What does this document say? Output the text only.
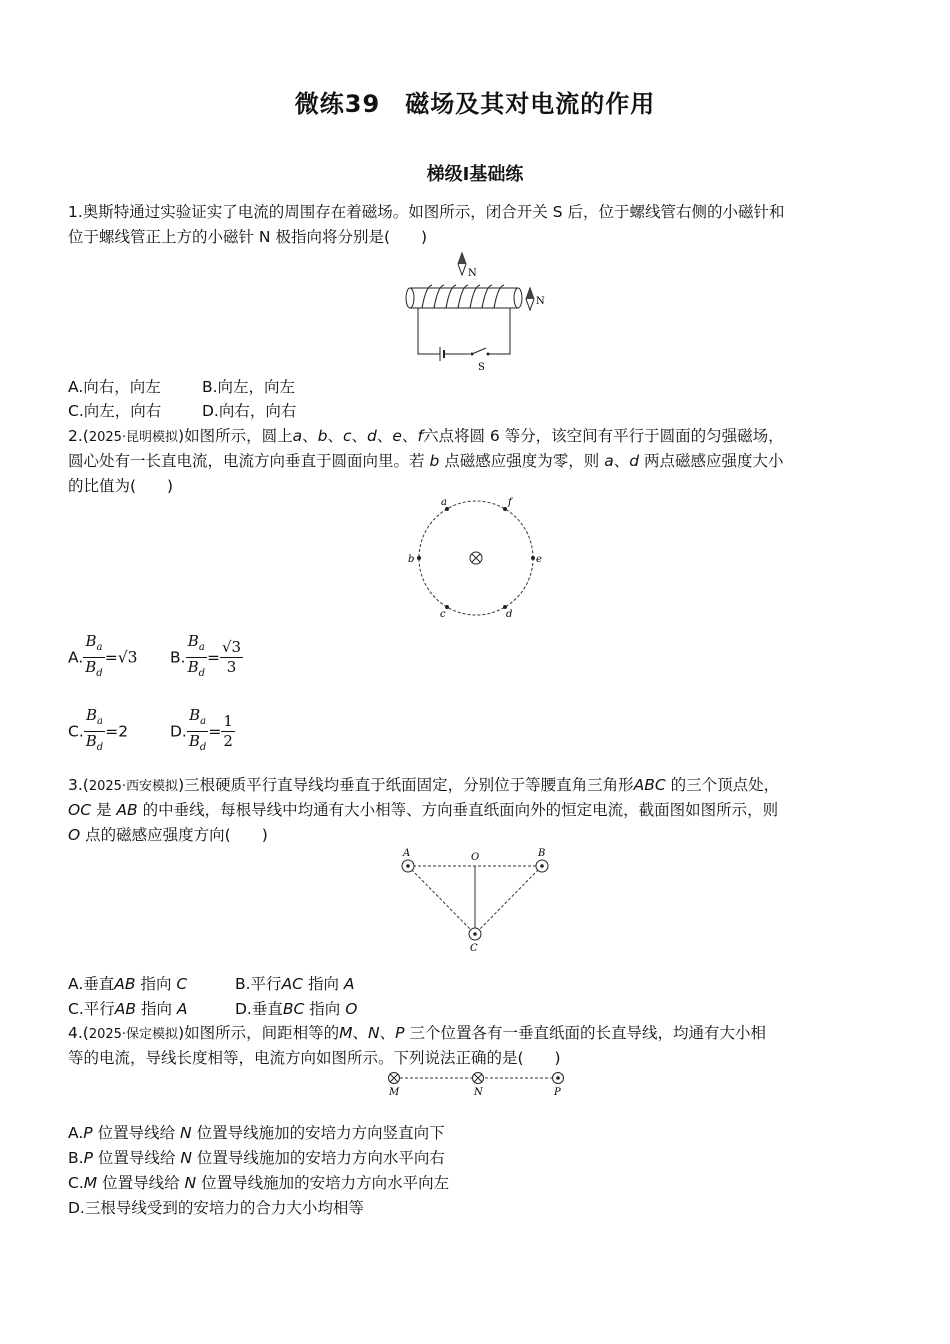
微练39　磁场及其对电流的作用
梯级Ⅰ基础练
1.奥斯特通过实验证实了电流的周围存在着磁场。如图所示，闭合开关 S 后，位于螺线管右侧的小磁针和
位于螺线管正上方的小磁针 N 极指向将分别是(　　)
N
N
S
A.向右，向左	B.向左，向左
C.向左，向右	D.向右，向右
2.(2025·昆明模拟)如图所示，圆上a、b、c、d、e、f六点将圆 6 等分，该空间有平行于圆面的匀强磁场，
圆心处有一长直电流，电流方向垂直于圆面向里。若 b 点磁感应强度为零，则 a、d 两点磁感应强度大小
的比值为(　　)
a	f
b	e
c	d
A. $\frac{B_a}{B_d} =√3$ B. $\frac{B_a}{B_d} = \frac{√3}{3}$
C. $\frac{B_a}{B_d} =2$	D. $\frac{B_a}{B_d} = \frac{1}{2}$
3.(2025·西安模拟)三根硬质平行直导线均垂直于纸面固定，分别位于等腰直角三角形ABC 的三个顶点处，
OC 是 AB 的中垂线，每根导线中均通有大小相等、方向垂直纸面向外的恒定电流，截面图如图所示，则
O 点的磁感应强度方向(　　)
A	O	B
C
A.垂直AB 指向 C	B.平行AC 指向 A
C.平行AB 指向 A	D.垂直BC 指向 O
4.(2025·保定模拟)如图所示，间距相等的M、N、P 三个位置各有一垂直纸面的长直导线，均通有大小相
等的电流，导线长度相等，电流方向如图所示。下列说法正确的是(　　)
M	N	P
A.P 位置导线给 N 位置导线施加的安培力方向竖直向下
B.P 位置导线给 N 位置导线施加的安培力方向水平向右
C.M 位置导线给 N 位置导线施加的安培力方向水平向左
D.三根导线受到的安培力的合力大小均相等
